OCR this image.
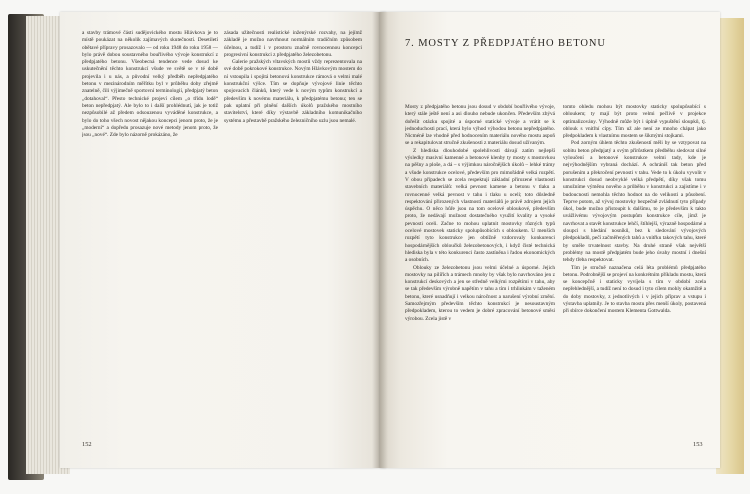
a stavby trámové části sudějovického mostu Hlávkova je to místě poukázat na několik zajímavých skutečností. Desetiletí obětavé přípravy prosazovalo — od roku 1948 do roku 1958 — bylo právě dobou soustavného bouřlivého vývoje konstrukcí z předpjatého betonu. Všeobecná tendence vede dosud ke uskutečnění těchto konstrukcí všude ve světě se v té době projevila i u nás, a původní velký předběh nepředpjatého betonu v mezinárodním měřítku byl v průběhu doby zřejmě znatelně, čili výjimečně sportovní terminologií, předpjatý beton „dotahoval“. Přesto technické projeví cílem „o třídu lodě“ beton nepředpjatý. Ale bylo to i další prohlédnutí, jak je totiž nezpůsobilé až předem odsouzenou vyváděné konstrukce, a bylo do toho všech novost nějakou koncepci jenom proto, že je „moderní“ a dopředu prosazuje nové metody jenom proto, že jsou „nové“. Zde bylo názorně prokázáno, že

zásada užitečnosti realistické inženýrské rozvahy, na jejímž základě je možno navrhnout normálním tradičním způsobem účelnou, a tudíž i v prostoru značně rovnocennou koncepci progresivní konstrukci z předpjatého železobetonu.

Galerie pražských vltavských mostů vždy reprezentovala na své době pokrokové konstrukce. Novým Hlávkovým mostem do ní vstoupila i spojitá betonová konstrukce rámová o velmi malé konstrukční výšce. Tím se dopňuje vývojové linie těchto spojovacích článků, který vede k novým typům konstrukcí a především k novému materiálu, k předpjatému betonu; ten se pak uplatní při plnění dalších úkolů pražského mostního stavitelství, které díky výstavbě základního komunikačního systému a přestavbě pražského železničního uzlu jsou nemalé.

152
7. MOSTY Z PŘEDPJATÉHO BETONU

Mosty z předpjatého betonu jsou dosud v období bouřlivého vývoje, který stále ještě není a asi dlouho nebude ukončen. Především zbývá dořešit otázku spojité a úsporné statické vývoje a vrátit se k jednoduchosti prací, která bylo výhod výhodou betonu nepředpjatého. Nicméně lze vhodně před hodnocením materiálu nového mostu aspoň se a rekapitulovat stručně zkušenosti z materiálu dosud užívaným.

Z hlediska dlouhodobé spolehlivosti dávají zatím nejlepší výsledky masivní kamenné a betonové klenby ty mosty s mostovkou na pěšny a ploše, a dá – s výjimkou náročnějších úkolů – lehké trámy a všude konstrukce ocelové, především pro mimořádně velká rozpětí. V obou případech se zcela respektují základní přirozené vlastnosti stavebních materiálů: velká pevnost kamene a betonu v tlaku a rovnocenné velká pevnost v tahu i tlaku u oceli; toto důsledně respektování přirozených vlastností materiálů je právě zdrojem jejich úspěchu. O něco hůře jsou na tom ocelové obloukové, především proto, že nedávají možnost dostatečného využití kvality a vysoké pevnosti oceli. Začne to mohou uplatnit mostovky různých typů ocelové mostovek staticky spolupůsobících s obloukem. U menších rozpětí tyto konstrukce jen obtížně vzdorovaly konkurenci hospodárnějších obloučků železobetonových, i když čisté technická hlediska byla v této konkurenci často zastíněna i řadou ekonomických a osobních.

Oblouky ze železobetonu jsou velmi účelné a úsporné. Jejich mostovky na pilířích a trámech mnohy by však bylo navrhováno jen z konstrukcí deskových a jen se středně velkými rozpětími v tahu, aby se tak především výrobně napětím v tahu a tím i trhlinkám v taženém betonu, které usnadňují i velkou náročnost a narušení výrobní zrnění. Samozřejmým především těchto konstrukcí je nesoustavným předpokladem, kterou to vedem je dobré zpracování betonové směsi výrobou. Zcela jistě v

tomto ohledu mohou být mostovky staticky spolupůsobící s obloukem; ty mají být proto velmi pečlivě v projekce optimalizovány. Výhodně může být i úplně vypuštění sloupků, tj. oblouk s vnitřní cípy. Tím už ale není ze mnoho chápat jako předpokladem k vlastnímu mostem se šikmými stojkami.

Pod zorným úhlem těchto zkušeností měli by se vztypovat na sobitu beton předpjatý a svým přírůstkem předběhu sledovat silné vyloučení a betonové konstrukce velmi tady, kde je nejvýhodnějším vybraná dochází. A ochráníš tak beton před porušením a překročení pevnosti v tahu. Vede to k úkolu vyvolit v konstrukci dosud neobvyklé velká předpětí, díky však tomu umožníme výměnu nového a průběhu v konstrukci a zajistíme i v budoucnosti nemohla těchto hodnot na do velikosti a působení. Teprve potom, až vývoj mostovky bezpečně zvládnutí tyto případy úkol, bude možno přistoupit k dalšímu, to je především k takto uvážlivému vývojovým postupům konstrukce cíle, jímž je navrhovat a stavět konstrukce lehčí, štíhlejší, výrazně hospodárné a sloupci s hledání nosníků, bez k sledování vývojových předpokladů, pečí začměřených tahů a vnitřku takových tahu, které by směle trvatelnost stavby. Na druhé straně však největší problémy na mostě předpjatém bude jeho úvahy mostní i dnešní tehdy třeba respektovat.

Tím je stručně naznačena celá léta problémů předpjatého betonu. Podrobnější se projeví na konkrétním příkladu mostu, která se koncepčně i staticky vyvíjela s tím v období zcela nepřehlednější, a tudíž není to dosud i tyto cílem mohly okamžitě a do doby mostovky, z jednotlivých i v jejich příprav a vstupu i výstavba uplatnily. Je to stavba mostu přes menší úkoly, postavená při sbírce dokončení mostem Klementa Gottwalda.

153
